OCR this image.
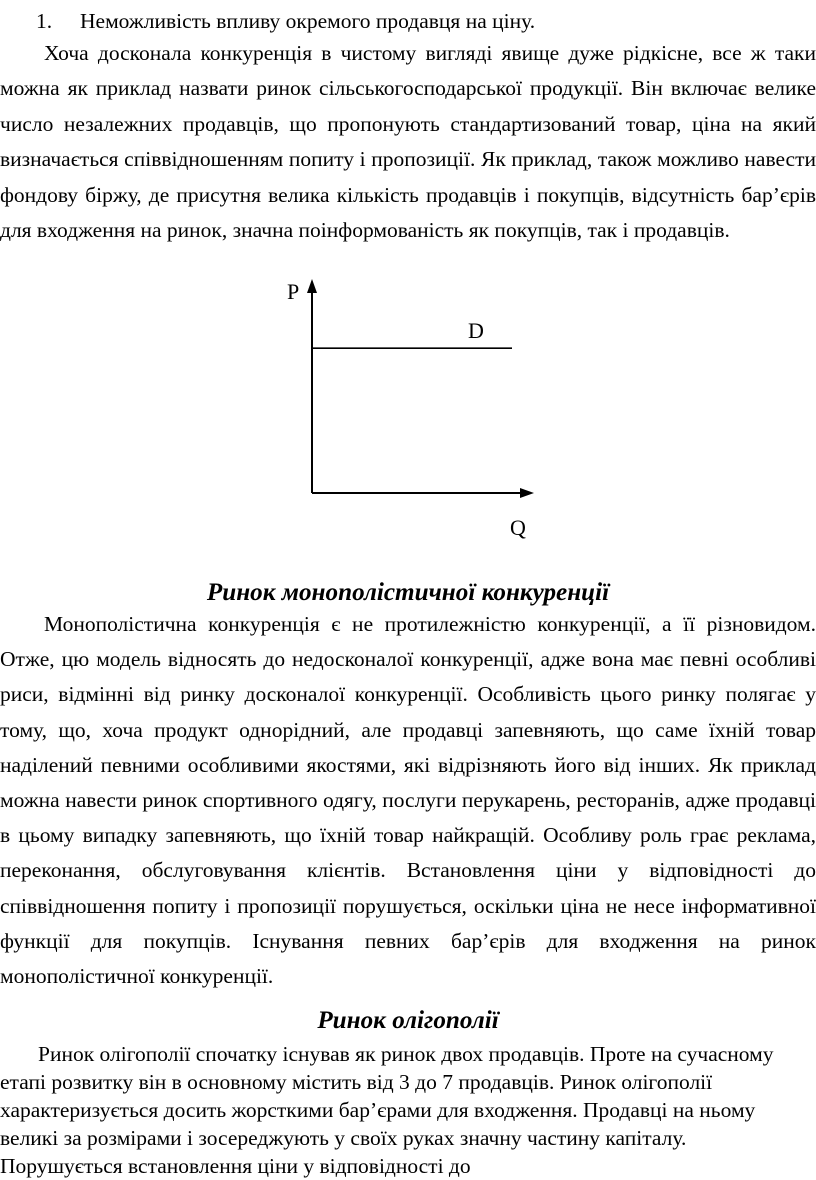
1. Неможливість впливу окремого продавця на ціну.

Хоча досконала конкуренція в чистому вигляді явище дуже рідкісне, все ж таки можна як приклад назвати ринок сільськогосподарської продукції. Він включає велике число незалежних продавців, що пропонують стандартизований товар, ціна на який визначається співвідношенням попиту і пропозиції. Як приклад, також можливо навести фондову біржу, де присутня велика кількість продавців і покупців, відсутність бар’єрів для входження на ринок, значна поінформованість як покупців, так і продавців.

P
Q
D
Ринок монополістичної конкуренції

Монополістична конкуренція є не протилежністю конкуренції, а її різновидом. Отже, цю модель відносять до недосконалої конкуренції, адже вона має певні особливі риси, відмінні від ринку досконалої конкуренції. Особливість цього ринку полягає у тому, що, хоча продукт однорідний, але продавці запевняють, що саме їхній товар наділений певними особливими якостями, які відрізняють його від інших. Як приклад можна навести ринок спортивного одягу, послуги перукарень, ресторанів, адже продавці в цьому випадку запевняють, що їхній товар найкращій. Особливу роль грає реклама, переконання, обслуговування клієнтів. Встановлення ціни у відповідності до співвідношення попиту і пропозиції порушується, оскільки ціна не несе інформативної функції для покупців. Існування певних бар’єрів для входження на ринок монополістичної конкуренції.

Ринок олігополії

Ринок олігополії спочатку існував як ринок двох продавців. Проте на сучасному етапі розвитку він в основному містить від 3 до 7 продавців. Ринок олігополії характеризується досить жорсткими бар’єрами для входження. Продавці на ньому великі за розмірами і зосереджують у своїх руках значну частину капіталу. Порушується встановлення ціни у відповідності до
